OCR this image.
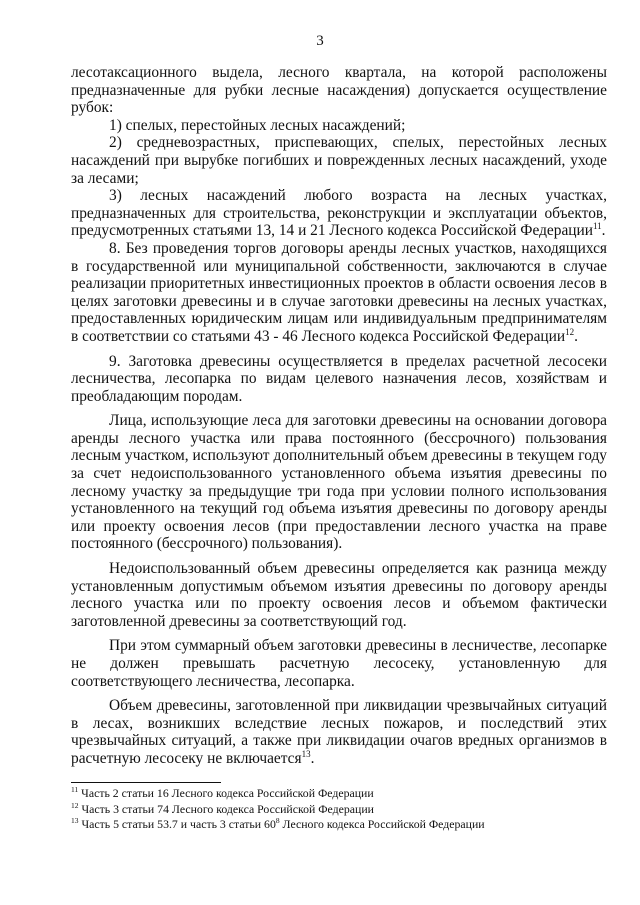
3

лесотаксационного выдела, лесного квартала, на которой расположены предназначенные для рубки лесные насаждения) допускается осуществление рубок:

1) спелых, перестойных лесных насаждений;

2) средневозрастных, приспевающих, спелых, перестойных лесных насаждений при вырубке погибших и поврежденных лесных насаждений, уходе за лесами;

3) лесных насаждений любого возраста на лесных участках, предназначенных для строительства, реконструкции и эксплуатации объектов, предусмотренных статьями 13, 14 и 21 Лесного кодекса Российской Федерации$^{11}$.

8. Без проведения торгов договоры аренды лесных участков, находящихся в государственной или муниципальной собственности, заключаются в случае реализации приоритетных инвестиционных проектов в области освоения лесов в целях заготовки древесины и в случае заготовки древесины на лесных участках, предоставленных юридическим лицам или индивидуальным предпринимателям в соответствии со статьями 43 - 46 Лесного кодекса Российской Федерации$^{12}$.

9. Заготовка древесины осуществляется в пределах расчетной лесосеки лесничества, лесопарка по видам целевого назначения лесов, хозяйствам и преобладающим породам.

Лица, использующие леса для заготовки древесины на основании договора аренды лесного участка или права постоянного (бессрочного) пользования лесным участком, используют дополнительный объем древесины в текущем году за счет недоиспользованного установленного объема изъятия древесины по лесному участку за предыдущие три года при условии полного использования установленного на текущий год объема изъятия древесины по договору аренды или проекту освоения лесов (при предоставлении лесного участка на праве постоянного (бессрочного) пользования).

Недоиспользованный объем древесины определяется как разница между установленным допустимым объемом изъятия древесины по договору аренды лесного участка или по проекту освоения лесов и объемом фактически заготовленной древесины за соответствующий год.

При этом суммарный объем заготовки древесины в лесничестве, лесопарке не должен превышать расчетную лесосеку, установленную для соответствующего лесничества, лесопарка.

Объем древесины, заготовленной при ликвидации чрезвычайных ситуаций в лесах, возникших вследствие лесных пожаров, и последствий этих чрезвычайных ситуаций, а также при ликвидации очагов вредных организмов в расчетную лесосеку не включается$^{13}$.

$^{11}$ Часть 2 статьи 16 Лесного кодекса Российской Федерации
$^{12}$ Часть 3 статьи 74 Лесного кодекса Российской Федерации
$^{13}$ Часть 5 статьи 53.7 и часть 3 статьи $60^8$ Лесного кодекса Российской Федерации
